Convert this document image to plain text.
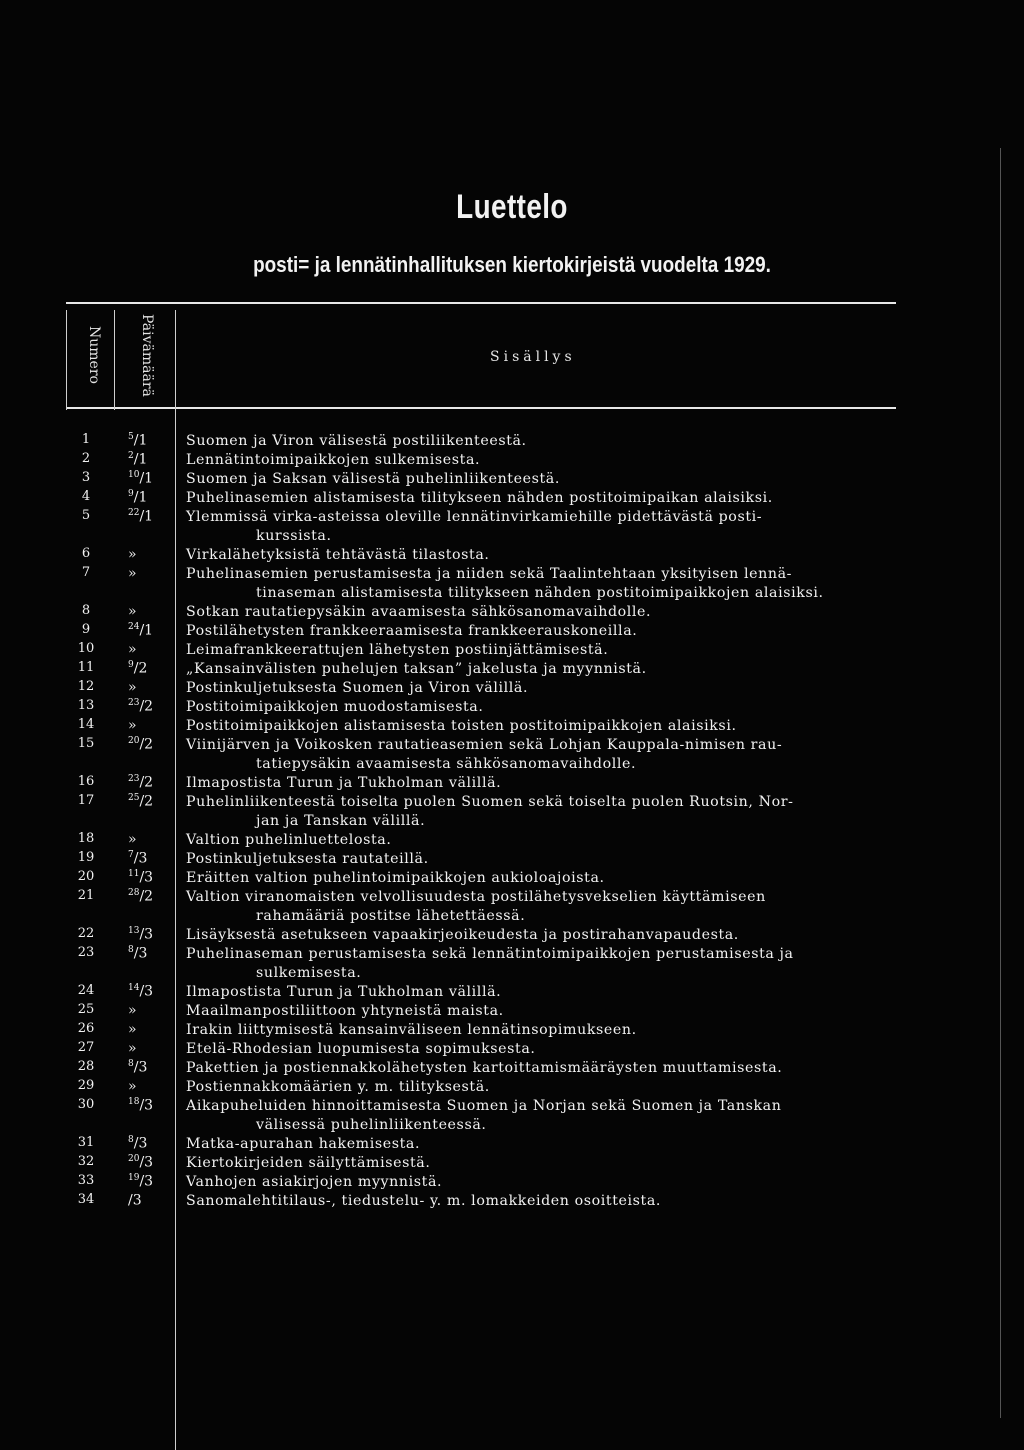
Luettelo
posti= ja lennätinhallituksen kiertokirjeistä vuodelta 1929.
Numero	Päivämäärä	Sisällys
1	$^5$/1	Suomen ja Viron välisestä postiliikenteestä.
2	$^2$/1	Lennätintoimipaikkojen sulkemisesta.
3	$^{10}$/1	Suomen ja Saksan välisestä puhelinliikenteestä.
4	$^9$/1	Puhelinasemien alistamisesta tilitykseen nähden postitoimipaikan alaisiksi.
5	$^{22}$/1	Ylemmissä virka-asteissa oleville lennätinvirkamiehille pidettävästä posti-
kurssista.
6	»	Virkalähetyksistä tehtävästä tilastosta.
7	»	Puhelinasemien perustamisesta ja niiden sekä Taalintehtaan yksityisen lennä-
tinaseman alistamisesta tilitykseen nähden postitoimipaikkojen alaisiksi.
8	»	Sotkan rautatiepysäkin avaamisesta sähkösanomavaihdolle.
9	$^{24}$/1	Postilähetysten frankkeeraamisesta frankkeerauskoneilla.
10	»	Leimafrankkeerattujen lähetysten postiinjättämisestä.
11	$^9$/2	„Kansainvälisten puhelujen taksan” jakelusta ja myynnistä.
12	»	Postinkuljetuksesta Suomen ja Viron välillä.
13	$^{23}$/2	Postitoimipaikkojen muodostamisesta.
14	»	Postitoimipaikkojen alistamisesta toisten postitoimipaikkojen alaisiksi.
15	$^{20}$/2	Viinijärven ja Voikosken rautatieasemien sekä Lohjan Kauppala-nimisen rau-
tatiepysäkin avaamisesta sähkösanomavaihdolle.
16	$^{23}$/2	Ilmapostista Turun ja Tukholman välillä.
17	$^{25}$/2	Puhelinliikenteestä toiselta puolen Suomen sekä toiselta puolen Ruotsin, Nor-
jan ja Tanskan välillä.
18	»	Valtion puhelinluettelosta.
19	$^7$/3	Postinkuljetuksesta rautateillä.
20	$^{11}$/3	Eräitten valtion puhelintoimipaikkojen aukioloajoista.
21	$^{28}$/2	Valtion viranomaisten velvollisuudesta postilähetysvekselien käyttämiseen
rahamääriä postitse lähetettäessä.
22	$^{13}$/3	Lisäyksestä asetukseen vapaakirjeoikeudesta ja postirahanvapaudesta.
23	$^8$/3	Puhelinaseman perustamisesta sekä lennätintoimipaikkojen perustamisesta ja
sulkemisesta.
24	$^{14}$/3	Ilmapostista Turun ja Tukholman välillä.
25	»	Maailmanpostiliittoon yhtyneistä maista.
26	»	Irakin liittymisestä kansainväliseen lennätinsopimukseen.
27	»	Etelä-Rhodesian luopumisesta sopimuksesta.
28	$^8$/3	Pakettien ja postiennakkolähetysten kartoittamismääräysten muuttamisesta.
29	»	Postiennakkomäärien y. m. tilityksestä.
30	$^{18}$/3	Aikapuheluiden hinnoittamisesta Suomen ja Norjan sekä Suomen ja Tanskan
välisessä puhelinliikenteessä.
31	$^8$/3	Matka-apurahan hakemisesta.
32	$^{20}$/3	Kiertokirjeiden säilyttämisestä.
33	$^{19}$/3	Vanhojen asiakirjojen myynnistä.
34	/3	Sanomalehtitilaus-, tiedustelu- y. m. lomakkeiden osoitteista.
